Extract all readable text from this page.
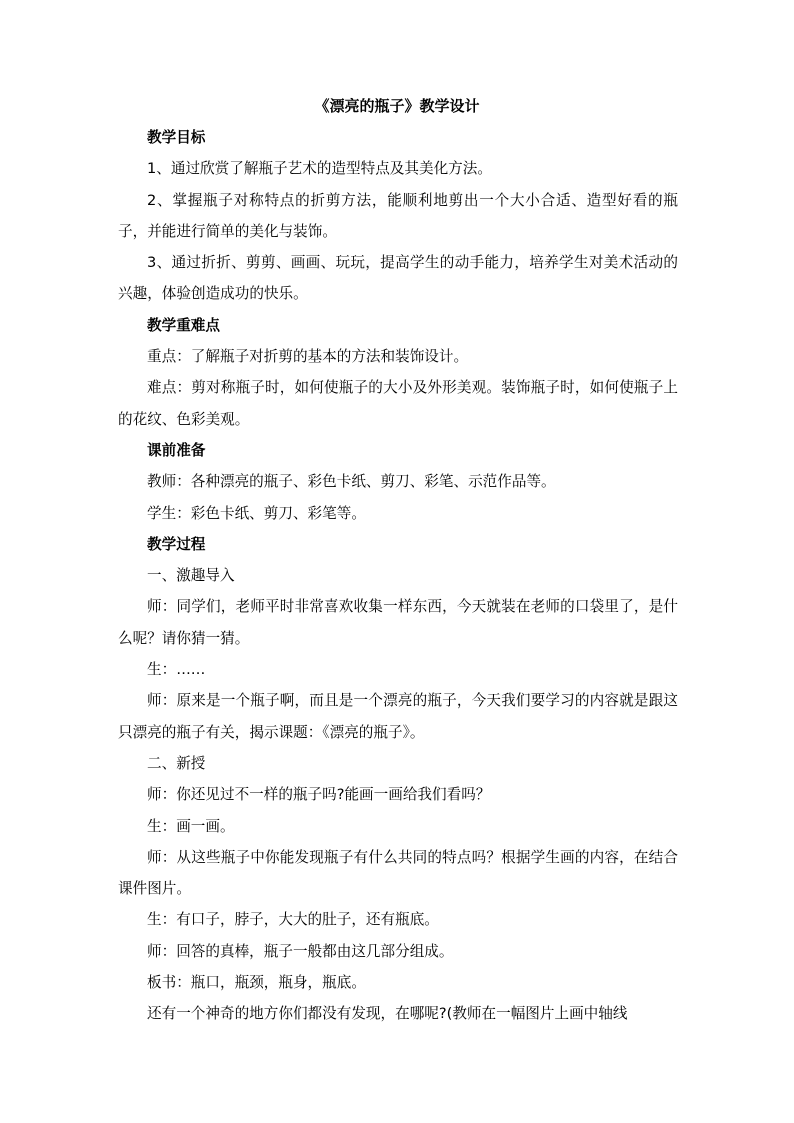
《漂亮的瓶子》教学设计

教学目标

1、通过欣赏了解瓶子艺术的造型特点及其美化方法。

2、掌握瓶子对称特点的折剪方法，能顺利地剪出一个大小合适、造型好看的瓶子，并能进行简单的美化与装饰。

3、通过折折、剪剪、画画、玩玩，提高学生的动手能力，培养学生对美术活动的兴趣，体验创造成功的快乐。

教学重难点

重点：了解瓶子对折剪的基本的方法和装饰设计。

难点：剪对称瓶子时，如何使瓶子的大小及外形美观。装饰瓶子时，如何使瓶子上的花纹、色彩美观。

课前准备

教师：各种漂亮的瓶子、彩色卡纸、剪刀、彩笔、示范作品等。

学生：彩色卡纸、剪刀、彩笔等。

教学过程

一、激趣导入

师：同学们，老师平时非常喜欢收集一样东西，今天就装在老师的口袋里了，是什么呢？请你猜一猜。

生：……

师：原来是一个瓶子啊，而且是一个漂亮的瓶子，今天我们要学习的内容就是跟这只漂亮的瓶子有关，揭示课题：《漂亮的瓶子》。

二、新授

师：你还见过不一样的瓶子吗?能画一画给我们看吗？

生：画一画。

师：从这些瓶子中你能发现瓶子有什么共同的特点吗？根据学生画的内容，在结合课件图片。

生：有口子，脖子，大大的肚子，还有瓶底。

师：回答的真棒，瓶子一般都由这几部分组成。

板书：瓶口，瓶颈，瓶身，瓶底。

还有一个神奇的地方你们都没有发现，在哪呢?(教师在一幅图片上画中轴线
